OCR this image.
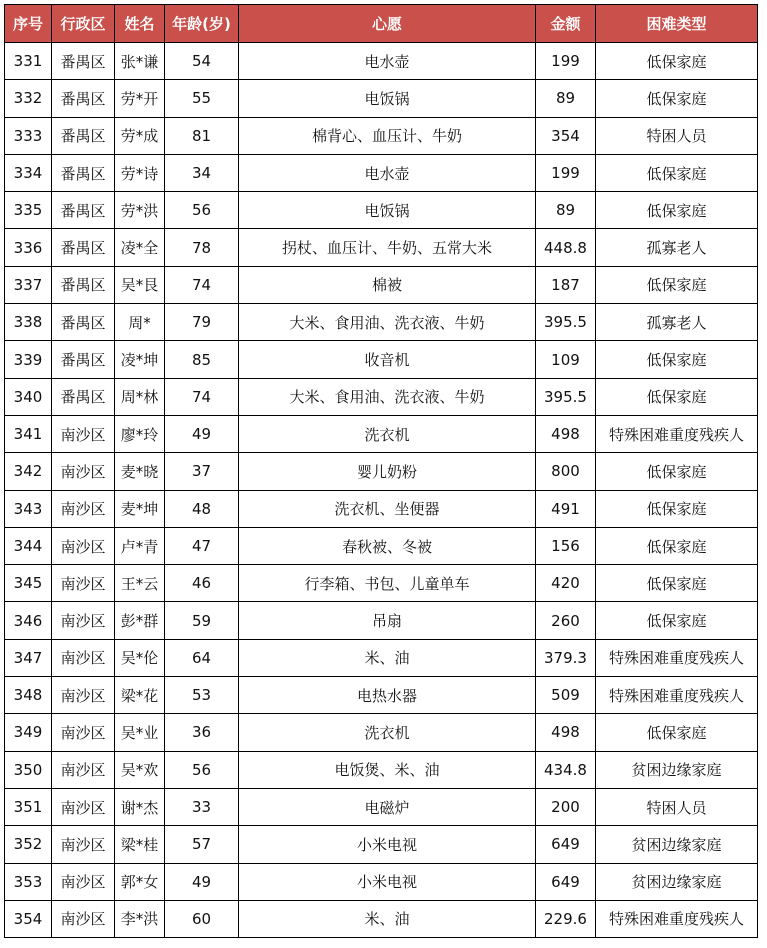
序号	行政区	姓名	年龄(岁)	心愿	金额	困难类型
331	番禺区	张*谦	54	电水壶	199	低保家庭
332	番禺区	劳*开	55	电饭锅	89	低保家庭
333	番禺区	劳*成	81	棉背心、血压计、牛奶	354	特困人员
334	番禺区	劳*诗	34	电水壶	199	低保家庭
335	番禺区	劳*洪	56	电饭锅	89	低保家庭
336	番禺区	凌*全	78	拐杖、血压计、牛奶、五常大米	448.8	孤寡老人
337	番禺区	吴*艮	74	棉被	187	低保家庭
338	番禺区	周*	79	大米、食用油、洗衣液、牛奶	395.5	孤寡老人
339	番禺区	凌*坤	85	收音机	109	低保家庭
340	番禺区	周*林	74	大米、食用油、洗衣液、牛奶	395.5	低保家庭
341	南沙区	廖*玲	49	洗衣机	498	特殊困难重度残疾人
342	南沙区	麦*晓	37	婴儿奶粉	800	低保家庭
343	南沙区	麦*坤	48	洗衣机、坐便器	491	低保家庭
344	南沙区	卢*青	47	春秋被、冬被	156	低保家庭
345	南沙区	王*云	46	行李箱、书包、儿童单车	420	低保家庭
346	南沙区	彭*群	59	吊扇	260	低保家庭
347	南沙区	吴*伦	64	米、油	379.3	特殊困难重度残疾人
348	南沙区	梁*花	53	电热水器	509	特殊困难重度残疾人
349	南沙区	吴*业	36	洗衣机	498	低保家庭
350	南沙区	吴*欢	56	电饭煲、米、油	434.8	贫困边缘家庭
351	南沙区	谢*杰	33	电磁炉	200	特困人员
352	南沙区	梁*桂	57	小米电视	649	贫困边缘家庭
353	南沙区	郭*女	49	小米电视	649	贫困边缘家庭
354	南沙区	李*洪	60	米、油	229.6	特殊困难重度残疾人
